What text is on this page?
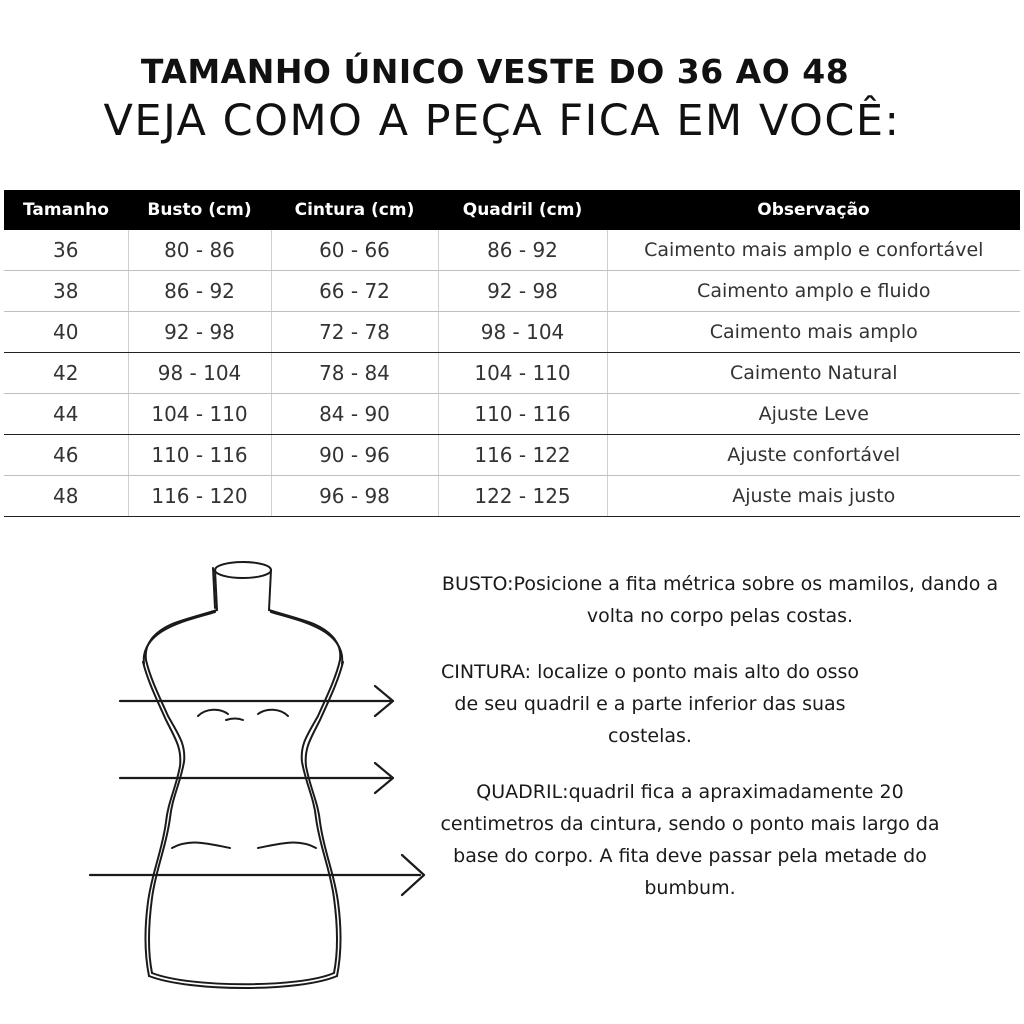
TAMANHO ÚNICO VESTE DO 36 AO 48
VEJA COMO A PEÇA FICA EM VOCÊ:
Tamanho	Busto (cm)	Cintura (cm)	Quadril (cm)	Observação
36	80 - 86	60 - 66	86 - 92	Caimento mais amplo e confortável
38	86 - 92	66 - 72	92 - 98	Caimento amplo e fluido
40	92 - 98	72 - 78	98 - 104	Caimento mais amplo
42	98 - 104	78 - 84	104 - 110	Caimento Natural
44	104 - 110	84 - 90	110 - 116	Ajuste Leve
46	110 - 116	90 - 96	116 - 122	Ajuste confortável
48	116 - 120	96 - 98	122 - 125	Ajuste mais justo

BUSTO:Posicione a fita métrica sobre os mamilos, dando a volta no corpo pelas costas.

CINTURA: localize o ponto mais alto do osso de seu quadril e a parte inferior das suas costelas.

QUADRIL:quadril fica a apraximadamente 20 centimetros da cintura, sendo o ponto mais largo da base do corpo. A fita deve passar pela metade do bumbum.
